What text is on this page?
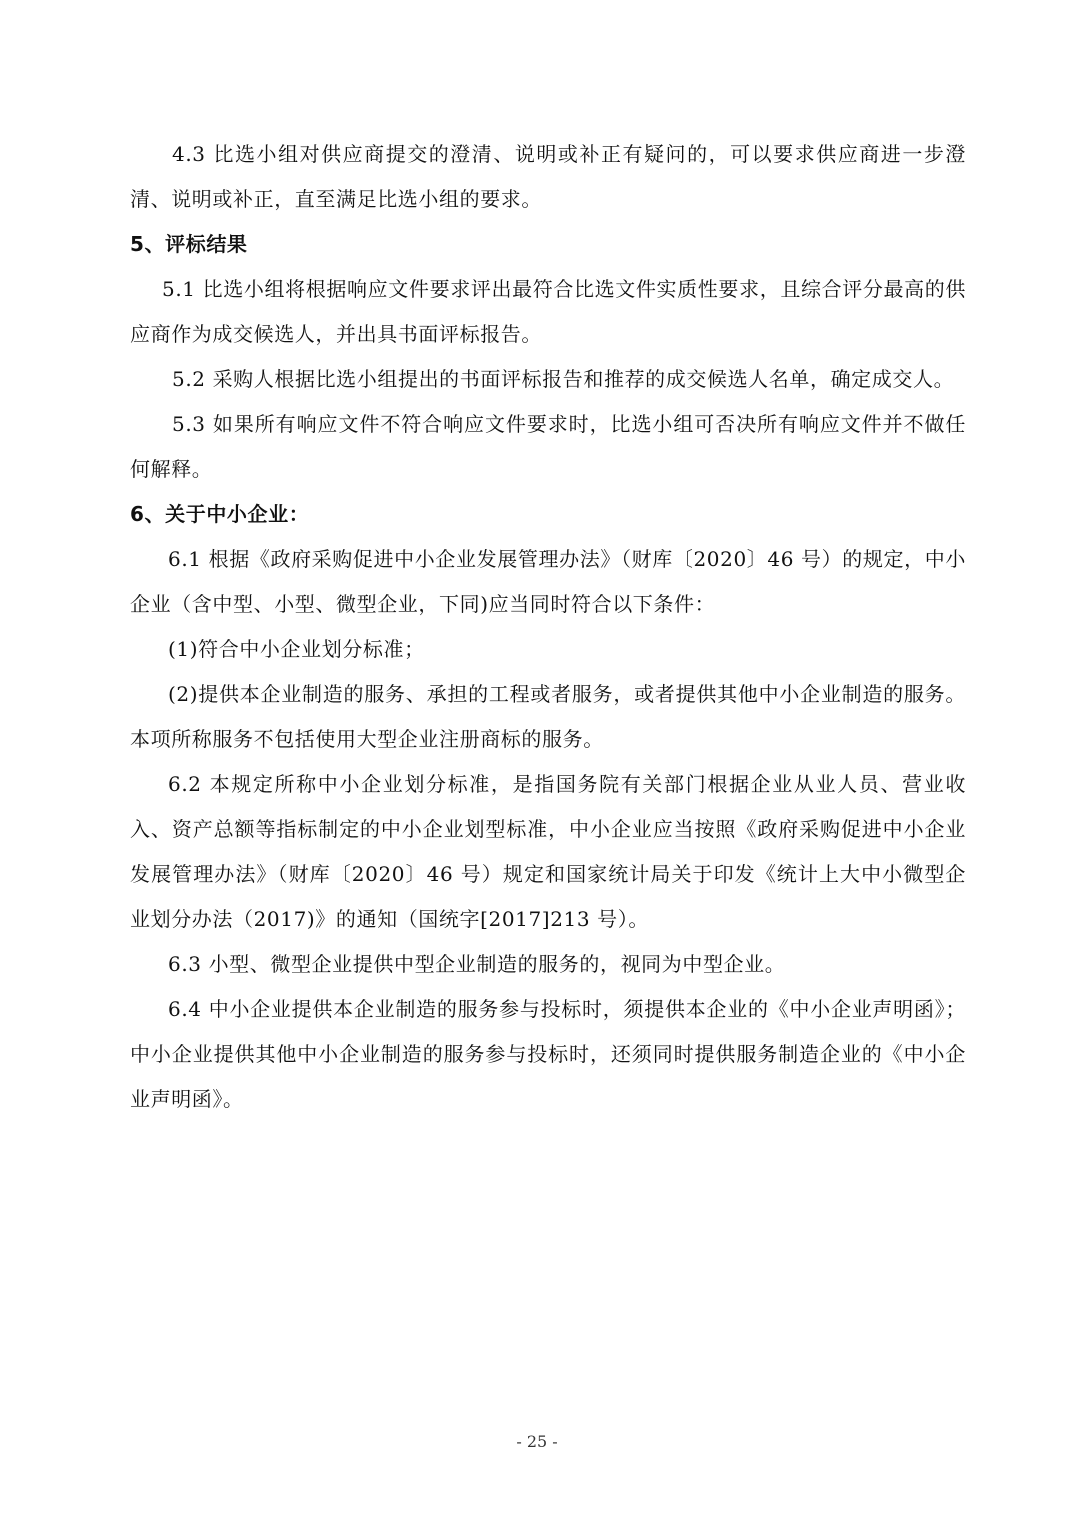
4.3 比选小组对供应商提交的澄清、说明或补正有疑问的，可以要求供应商进一步澄清、说明或补正，直至满足比选小组的要求。

5、评标结果

5.1 比选小组将根据响应文件要求评出最符合比选文件实质性要求，且综合评分最高的供应商作为成交候选人，并出具书面评标报告。

5.2 采购人根据比选小组提出的书面评标报告和推荐的成交候选人名单，确定成交人。

5.3 如果所有响应文件不符合响应文件要求时，比选小组可否决所有响应文件并不做任何解释。

6、关于中小企业：

6.1 根据《政府采购促进中小企业发展管理办法》（财库〔2020〕46 号）的规定，中小企业（含中型、小型、微型企业，下同)应当同时符合以下条件：

(1)符合中小企业划分标准；

(2)提供本企业制造的服务、承担的工程或者服务，或者提供其他中小企业制造的服务。本项所称服务不包括使用大型企业注册商标的服务。

6.2 本规定所称中小企业划分标准，是指国务院有关部门根据企业从业人员、营业收入、资产总额等指标制定的中小企业划型标准，中小企业应当按照《政府采购促进中小企业发展管理办法》（财库〔2020〕46 号）规定和国家统计局关于印发《统计上大中小微型企业划分办法（2017)》的通知（国统字[2017]213 号）。

6.3 小型、微型企业提供中型企业制造的服务的，视同为中型企业。

6.4 中小企业提供本企业制造的服务参与投标时，须提供本企业的《中小企业声明函》；中小企业提供其他中小企业制造的服务参与投标时，还须同时提供服务制造企业的《中小企业声明函》。

- 25 -
